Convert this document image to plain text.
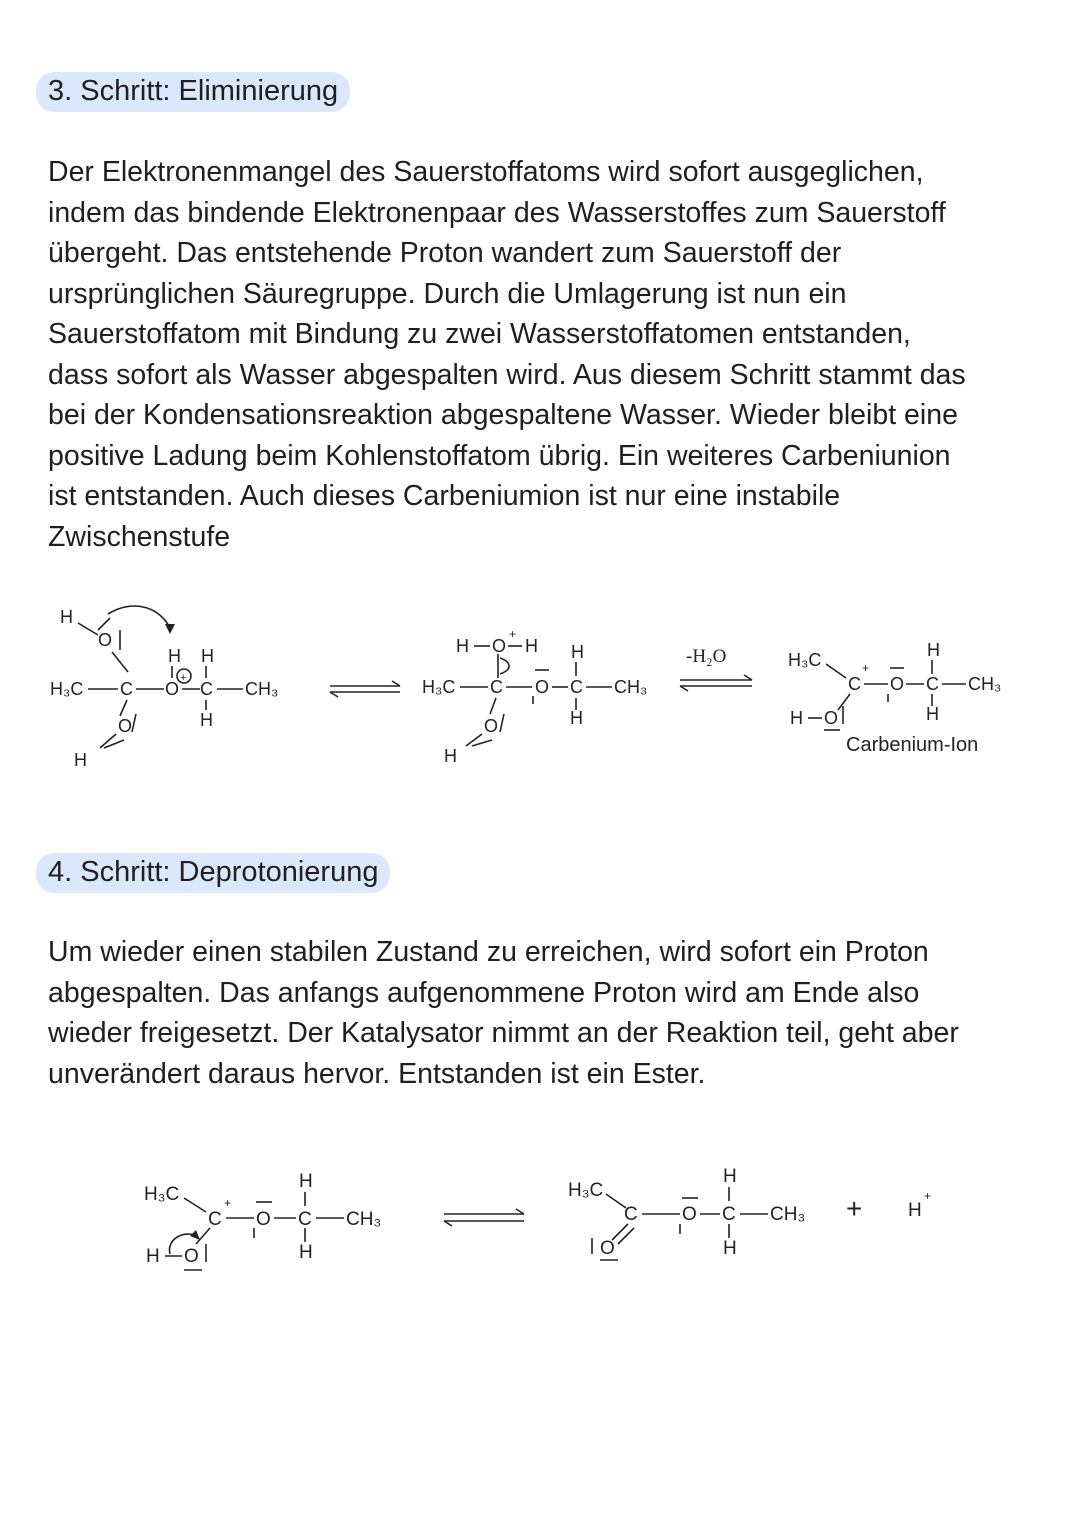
3. Schritt: Eliminierung

Der Elektronenmangel des Sauerstoffatoms wird sofort ausgeglichen,
indem das bindende Elektronenpaar des Wasserstoffes zum Sauerstoff
übergeht. Das entstehende Proton wandert zum Sauerstoff der
ursprünglichen Säuregruppe. Durch die Umlagerung ist nun ein
Sauerstoffatom mit Bindung zu zwei Wasserstoffatomen entstanden,
dass sofort als Wasser abgespalten wird. Aus diesem Schritt stammt das
bei der Kondensationsreaktion abgespaltene Wasser. Wieder bleibt eine
positive Ladung beim Kohlenstoffatom übrig. Ein weiteres Carbeniunion
ist entstanden. Auch dieses Carbeniumion ist nur eine instabile
Zwischenstufe

H
O
H₃C C O
H
+
C
H
H
CH₃
O
H
H O
+
H
H₃C C O C
H
H
CH₃
O
H
-H₂O	H₃C
C
+
O C
H
H
CH₃
H O
Carbenium-Ion
4. Schritt: Deprotonierung

Um wieder einen stabilen Zustand zu erreichen, wird sofort ein Proton
abgespalten. Das anfangs aufgenommene Proton wird am Ende also
wieder freigesetzt. Der Katalysator nimmt an der Reaktion teil, geht aber
unverändert daraus hervor. Entstanden ist ein Ester.

H₃C
C
+
O C
H
H
CH₃
H O
H₃C
C O C
H
H
CH₃
O
+ H
+
